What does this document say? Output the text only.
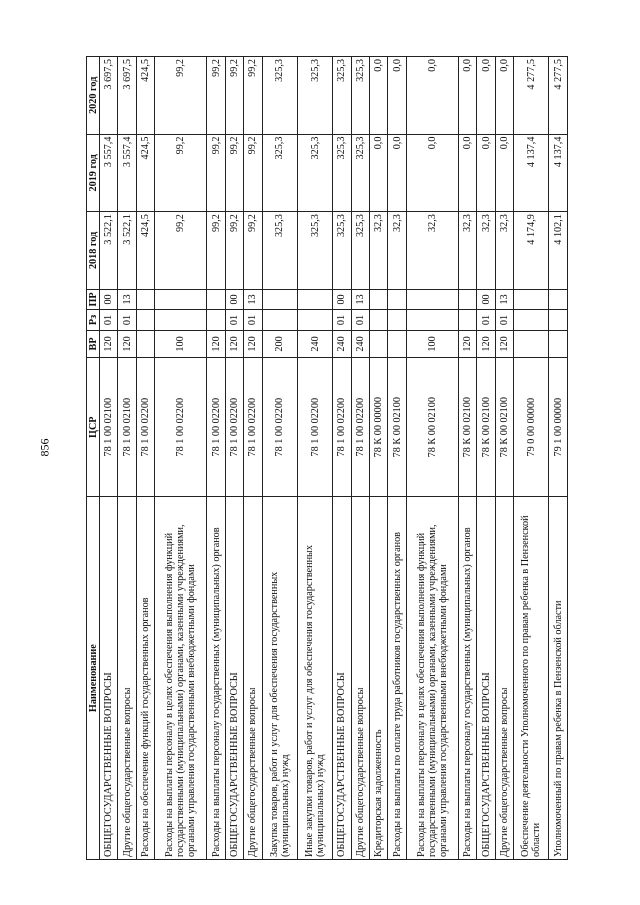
856
Наименование	ЦСР	ВР	Рз	ПР	2018 год	2019 год	2020 год
ОБЩЕГОСУДАРСТВЕННЫЕ ВОПРОСЫ	78 1 00 02100	120	01	00	3 522,1	3 557,4	3 697,5
Другие общегосударственные вопросы	78 1 00 02100	120	01	13	3 522,1	3 557,4	3 697,5
Расходы на обеспечение функций государственных органов	78 1 00 02200				424,5	424,5	424,5
Расходы на выплаты персоналу в целях обеспечения выполнения функций государственными (муниципальными) органами, казенными учреждениями, органами управления государственными внебюджетными фондами	78 1 00 02200	100			99,2	99,2	99,2
Расходы на выплаты персоналу государственных (муниципальных) органов	78 1 00 02200	120			99,2	99,2	99,2
ОБЩЕГОСУДАРСТВЕННЫЕ ВОПРОСЫ	78 1 00 02200	120	01	00	99,2	99,2	99,2
Другие общегосударственные вопросы	78 1 00 02200	120	01	13	99,2	99,2	99,2
Закупка товаров, работ и услуг для обеспечения государственных (муниципальных) нужд	78 1 00 02200	200			325,3	325,3	325,3
Иные закупки товаров, работ и услуг для обеспечения государственных (муниципальных) нужд	78 1 00 02200	240			325,3	325,3	325,3
ОБЩЕГОСУДАРСТВЕННЫЕ ВОПРОСЫ	78 1 00 02200	240	01	00	325,3	325,3	325,3
Другие общегосударственные вопросы	78 1 00 02200	240	01	13	325,3	325,3	325,3
Кредиторская задолженность	78 К 00 00000				32,3	0,0	0,0
Расходы на выплаты по оплате труда работников государственных органов	78 К 00 02100				32,3	0,0	0,0
Расходы на выплаты персоналу в целях обеспечения выполнения функций государственными (муниципальными) органами, казенными учреждениями, органами управления государственными внебюджетными фондами	78 К 00 02100	100			32,3	0,0	0,0
Расходы на выплаты персоналу государственных (муниципальных) органов	78 К 00 02100	120			32,3	0,0	0,0
ОБЩЕГОСУДАРСТВЕННЫЕ ВОПРОСЫ	78 К 00 02100	120	01	00	32,3	0,0	0,0
Другие общегосударственные вопросы	78 К 00 02100	120	01	13	32,3	0,0	0,0
Обеспечение деятельности Уполномоченного по правам ребенка в Пензенской области	79 0 00 00000				4 174,9	4 137,4	4 277,5
Уполномоченный по правам ребенка в Пензенской области	79 1 00 00000				4 102,1	4 137,4	4 277,5
